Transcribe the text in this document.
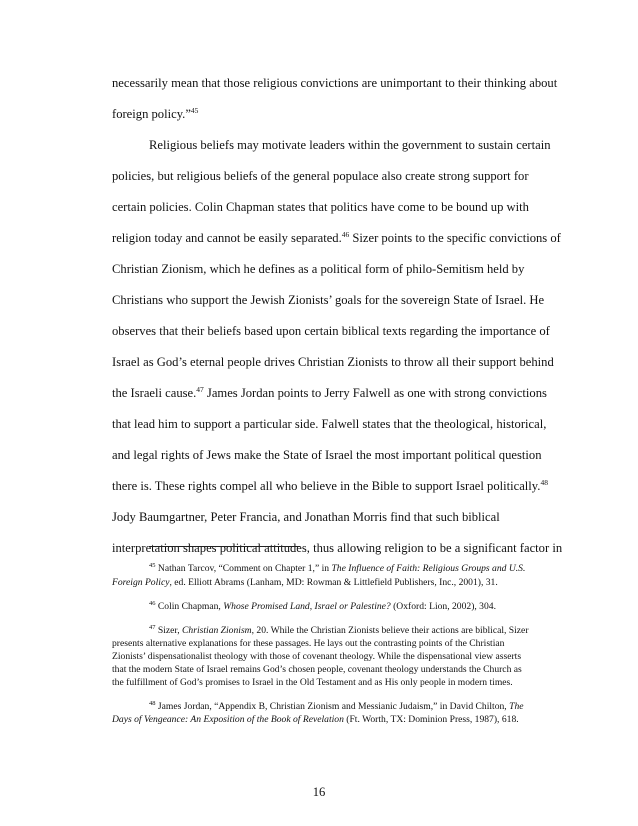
necessarily mean that those religious convictions are unimportant to their thinking about
foreign policy.”$^{45}$
Religious beliefs may motivate leaders within the government to sustain certain
policies, but religious beliefs of the general populace also create strong support for
certain policies. Colin Chapman states that politics have come to be bound up with
religion today and cannot be easily separated.$^{46}$ Sizer points to the specific convictions of
Christian Zionism, which he defines as a political form of philo-Semitism held by
Christians who support the Jewish Zionists’ goals for the sovereign State of Israel. He
observes that their beliefs based upon certain biblical texts regarding the importance of
Israel as God’s eternal people drives Christian Zionists to throw all their support behind
the Israeli cause.$^{47}$ James Jordan points to Jerry Falwell as one with strong convictions
that lead him to support a particular side. Falwell states that the theological, historical,
and legal rights of Jews make the State of Israel the most important political question
there is. These rights compel all who believe in the Bible to support Israel politically.$^{48}$
Jody Baumgartner, Peter Francia, and Jonathan Morris find that such biblical
interpretation shapes political attitudes, thus allowing religion to be a significant factor in
$^{45}$ Nathan Tarcov, “Comment on Chapter 1,” in The Influence of Faith: Religious Groups and U.S.
Foreign Policy, ed. Elliott Abrams (Lanham, MD: Rowman & Littlefield Publishers, Inc., 2001), 31.
$^{46}$ Colin Chapman, Whose Promised Land, Israel or Palestine? (Oxford: Lion, 2002), 304.
$^{47}$ Sizer, Christian Zionism, 20. While the Christian Zionists believe their actions are biblical, Sizer
presents alternative explanations for these passages. He lays out the contrasting points of the Christian
Zionists’ dispensationalist theology with those of covenant theology. While the dispensational view asserts
that the modern State of Israel remains God’s chosen people, covenant theology understands the Church as
the fulfillment of God’s promises to Israel in the Old Testament and as His only people in modern times.
$^{48}$ James Jordan, “Appendix B, Christian Zionism and Messianic Judaism,” in David Chilton, The
Days of Vengeance: An Exposition of the Book of Revelation (Ft. Worth, TX: Dominion Press, 1987), 618.
16
